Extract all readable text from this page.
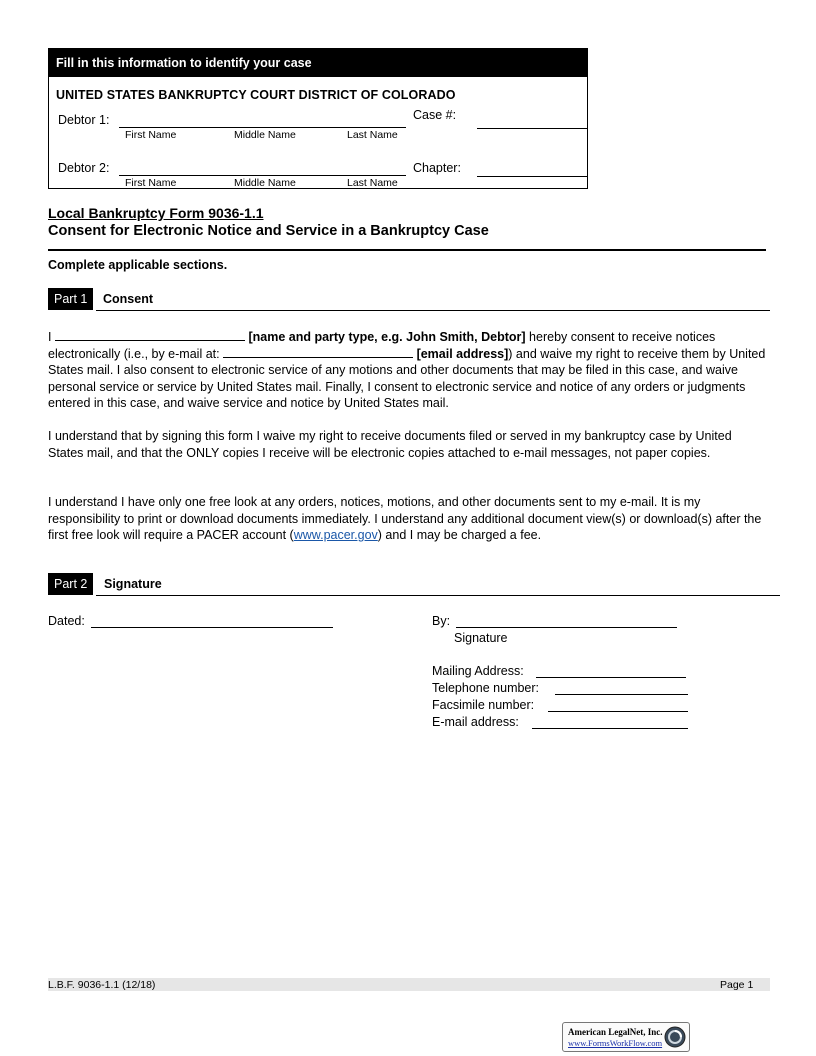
Fill in this information to identify your case
UNITED STATES BANKRUPTCY COURT DISTRICT OF COLORADO
Debtor 1:
First Name	Middle Name	Last Name
Case #:
Debtor 2:
First Name	Middle Name	Last Name
Chapter:
Local Bankruptcy Form 9036-1.1
Consent for Electronic Notice and Service in a Bankruptcy Case
Complete applicable sections.
Part 1	Consent
I	[name and party type, e.g. John Smith, Debtor] hereby consent to receive notices electronically (i.e., by e-mail at:	[email address]) and waive my right to receive them by United States mail. I also consent to electronic service of any motions and other documents that may be filed in this case, and waive personal service or service by United States mail. Finally, I consent to electronic service and notice of any orders or judgments entered in this case, and waive service and notice by United States mail.
I understand that by signing this form I waive my right to receive documents filed or served in my bankruptcy case by United States mail, and that the ONLY copies I receive will be electronic copies attached to e-mail messages, not paper copies.
I understand I have only one free look at any orders, notices, motions, and other documents sent to my e-mail. It is my responsibility to print or download documents immediately. I understand any additional document view(s) or download(s) after the first free look will require a PACER account (www.pacer.gov) and I may be charged a fee.
Part 2	Signature
Dated:	By:
Signature
Mailing Address:
Telephone number:
Facsimile number:
E-mail address:
L.B.F. 9036-1.1 (12/18)	Page 1
American LegalNet, Inc.
www.FormsWorkFlow.com
